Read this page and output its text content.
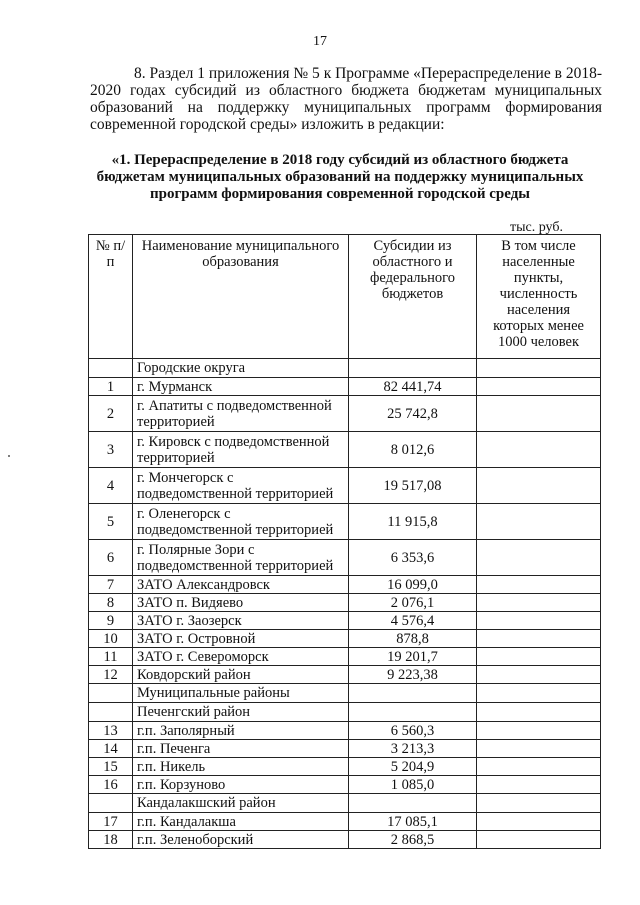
17
8. Раздел 1 приложения № 5 к Программе «Перераспределение в 2018-2020 годах субсидий из областного бюджета бюджетам муниципальных образований на поддержку муниципальных программ формирования современной городской среды» изложить в редакции:
«1. Перераспределение в 2018 году субсидий из областного бюджета бюджетам муниципальных образований на поддержку муниципальных программ формирования современной городской среды
тыс. руб.
№ п/п	Наименование муниципального образования	Субсидии из областного и федерального бюджетов	В том числе населенные пункты, численность населения которых менее 1000 человек
	Городские округа		
1	г. Мурманск	82 441,74	
2	г. Апатиты с подведомственной территорией	25 742,8	
3	г. Кировск с подведомственной территорией	8 012,6	
4	г. Мончегорск с подведомственной территорией	19 517,08	
5	г. Оленегорск с подведомственной территорией	11 915,8	
6	г. Полярные Зори с подведомственной территорией	6 353,6	
7	ЗАТО Александровск	16 099,0	
8	ЗАТО п. Видяево	2 076,1	
9	ЗАТО г. Заозерск	4 576,4	
10	ЗАТО г. Островной	878,8	
11	ЗАТО г. Североморск	19 201,7	
12	Ковдорский район	9 223,38	
	Муниципальные районы		
	Печенгский район		
13	г.п. Заполярный	6 560,3	
14	г.п. Печенга	3 213,3	
15	г.п. Никель	5 204,9	
16	г.п. Корзуново	1 085,0	
	Кандалакшский район		
17	г.п. Кандалакша	17 085,1	
18	г.п. Зеленоборский	2 868,5	
